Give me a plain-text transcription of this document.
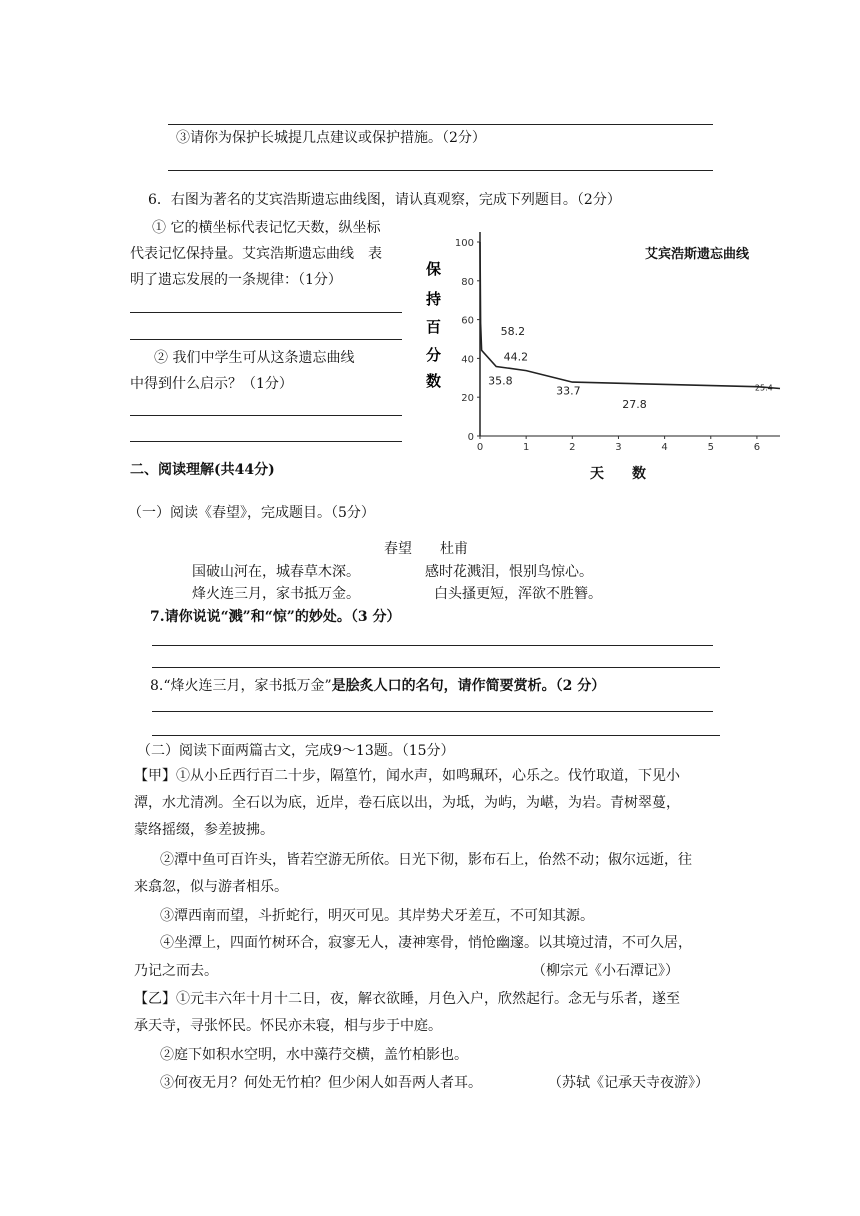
③请你为保护长城提几点建议或保护措施。（2分）
6．右图为著名的艾宾浩斯遗忘曲线图，请认真观察，完成下列题目。（2分）
① 它的横坐标代表记忆天数，纵坐标
代表记忆保持量。艾宾浩斯遗忘曲线　表
明了遗忘发展的一条规律：（1分）
② 我们中学生可从这条遗忘曲线
中得到什么启示？（1分）
艾宾浩斯遗忘曲线
保
持
百
分
数
0
20
40
60
80
100
0	1	2	3	4	5	6
58.2
44.2
35.8
33.7
27.8
25.4
天　　数
二、阅读理解(共44分)
（一）阅读《春望》，完成题目。（5分）
春望　　杜甫
国破山河在，城春草木深。	感时花溅泪，恨别鸟惊心。
烽火连三月，家书抵万金。	白头搔更短，浑欲不胜簪。
7.请你说说“溅”和“惊”的妙处。（3 分）
8.“烽火连三月，家书抵万金”是脍炙人口的名句，请作简要赏析。（2 分）
（二）阅读下面两篇古文，完成9～13题。（15分）
【甲】①从小丘西行百二十步，隔篁竹，闻水声，如鸣珮环，心乐之。伐竹取道，下见小
潭，水尤清冽。全石以为底，近岸，卷石底以出，为坻，为屿，为嵁，为岩。青树翠蔓，
蒙络摇缀，参差披拂。
②潭中鱼可百许头，皆若空游无所依。日光下彻，影布石上，佁然不动；俶尔远逝，往
来翕忽，似与游者相乐。
③潭西南而望，斗折蛇行，明灭可见。其岸势犬牙差互，不可知其源。
④坐潭上，四面竹树环合，寂寥无人，凄神寒骨，悄怆幽邃。以其境过清，不可久居，
乃记之而去。	（柳宗元《小石潭记》）
【乙】①元丰六年十月十二日，夜，解衣欲睡，月色入户，欣然起行。念无与乐者，遂至
承天寺，寻张怀民。怀民亦未寝，相与步于中庭。
②庭下如积水空明，水中藻荇交横，盖竹柏影也。
③何夜无月？何处无竹柏？但少闲人如吾两人者耳。	（苏轼《记承天寺夜游》）
